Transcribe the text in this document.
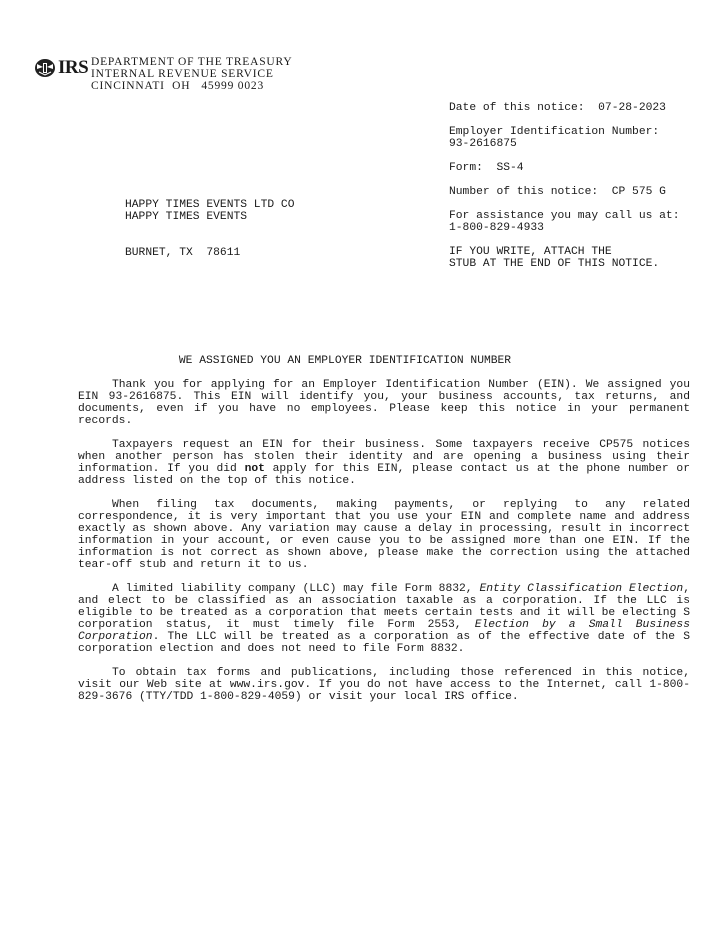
IRS DEPARTMENT OF THE TREASURY
INTERNAL REVENUE SERVICE
CINCINNATI  OH   45999 0023
Date of this notice: 07-28-2023
Employer Identification Number:
93-2616875
Form: SS-4
Number of this notice: CP 575 G
For assistance you may call us at:
1-800-829-4933
IF YOU WRITE, ATTACH THE
STUB AT THE END OF THIS NOTICE.
HAPPY TIMES EVENTS LTD CO
HAPPY TIMES EVENTS
BURNET, TX  78611
WE ASSIGNED YOU AN EMPLOYER IDENTIFICATION NUMBER

Thank you for applying for an Employer Identification Number (EIN). We assigned you EIN 93-2616875. This EIN will identify you, your business accounts, tax returns, and documents, even if you have no employees. Please keep this notice in your permanent records.

Taxpayers request an EIN for their business. Some taxpayers receive CP575 notices when another person has stolen their identity and are opening a business using their information. If you did not apply for this EIN, please contact us at the phone number or address listed on the top of this notice.

When filing tax documents, making payments, or replying to any related correspondence, it is very important that you use your EIN and complete name and address exactly as shown above. Any variation may cause a delay in processing, result in incorrect information in your account, or even cause you to be assigned more than one EIN. If the information is not correct as shown above, please make the correction using the attached tear-off stub and return it to us.

A limited liability company (LLC) may file Form 8832, Entity Classification Election, and elect to be classified as an association taxable as a corporation. If the LLC is eligible to be treated as a corporation that meets certain tests and it will be electing S corporation status, it must timely file Form 2553, Election by a Small Business Corporation. The LLC will be treated as a corporation as of the effective date of the S corporation election and does not need to file Form 8832.

To obtain tax forms and publications, including those referenced in this notice, visit our Web site at www.irs.gov. If you do not have access to the Internet, call 1-800-829-3676 (TTY/TDD 1-800-829-4059) or visit your local IRS office.
